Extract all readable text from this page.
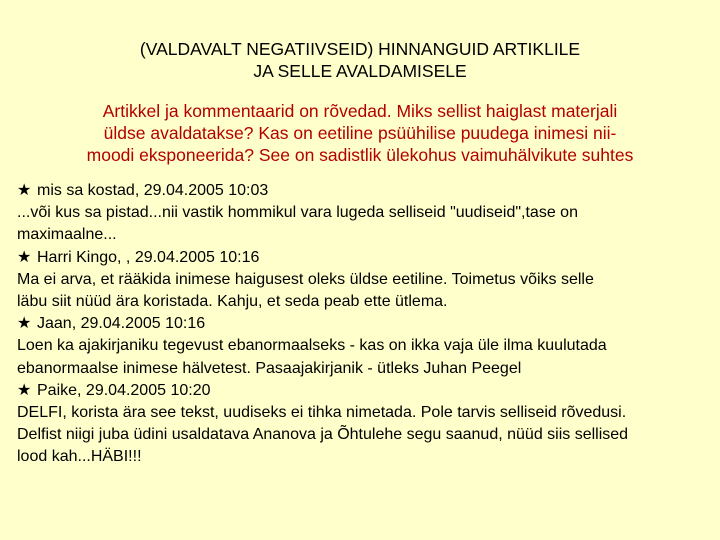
(VALDAVALT NEGATIIVSEID) HINNANGUID ARTIKLILE
JA SELLE AVALDAMISELE
Artikkel ja kommentaarid on rõvedad. Miks sellist haiglast materjali
üldse avaldatakse? Kas on eetiline psüühilise puudega inimesi nii-
moodi eksponeerida? See on sadistlik ülekohus vaimuhälvikute suhtes
★ mis sa kostad, 29.04.2005 10:03
...või kus sa pistad...nii vastik hommikul vara lugeda selliseid "uudiseid",tase on
maximaalne...
★ Harri Kingo, , 29.04.2005 10:16
Ma ei arva, et rääkida inimese haigusest oleks üldse eetiline. Toimetus võiks selle
läbu siit nüüd ära koristada. Kahju, et seda peab ette ütlema.
★ Jaan, 29.04.2005 10:16
Loen ka ajakirjaniku tegevust ebanormaalseks - kas on ikka vaja üle ilma kuulutada
ebanormaalse inimese hälvetest. Pasaajakirjanik - ütleks Juhan Peegel
★ Paike, 29.04.2005 10:20
DELFI, korista ära see tekst, uudiseks ei tihka nimetada. Pole tarvis selliseid rõvedusi.
Delfist niigi juba üdini usaldatava Ananova ja Õhtulehe segu saanud, nüüd siis sellised
lood kah...HÄBI!!!
